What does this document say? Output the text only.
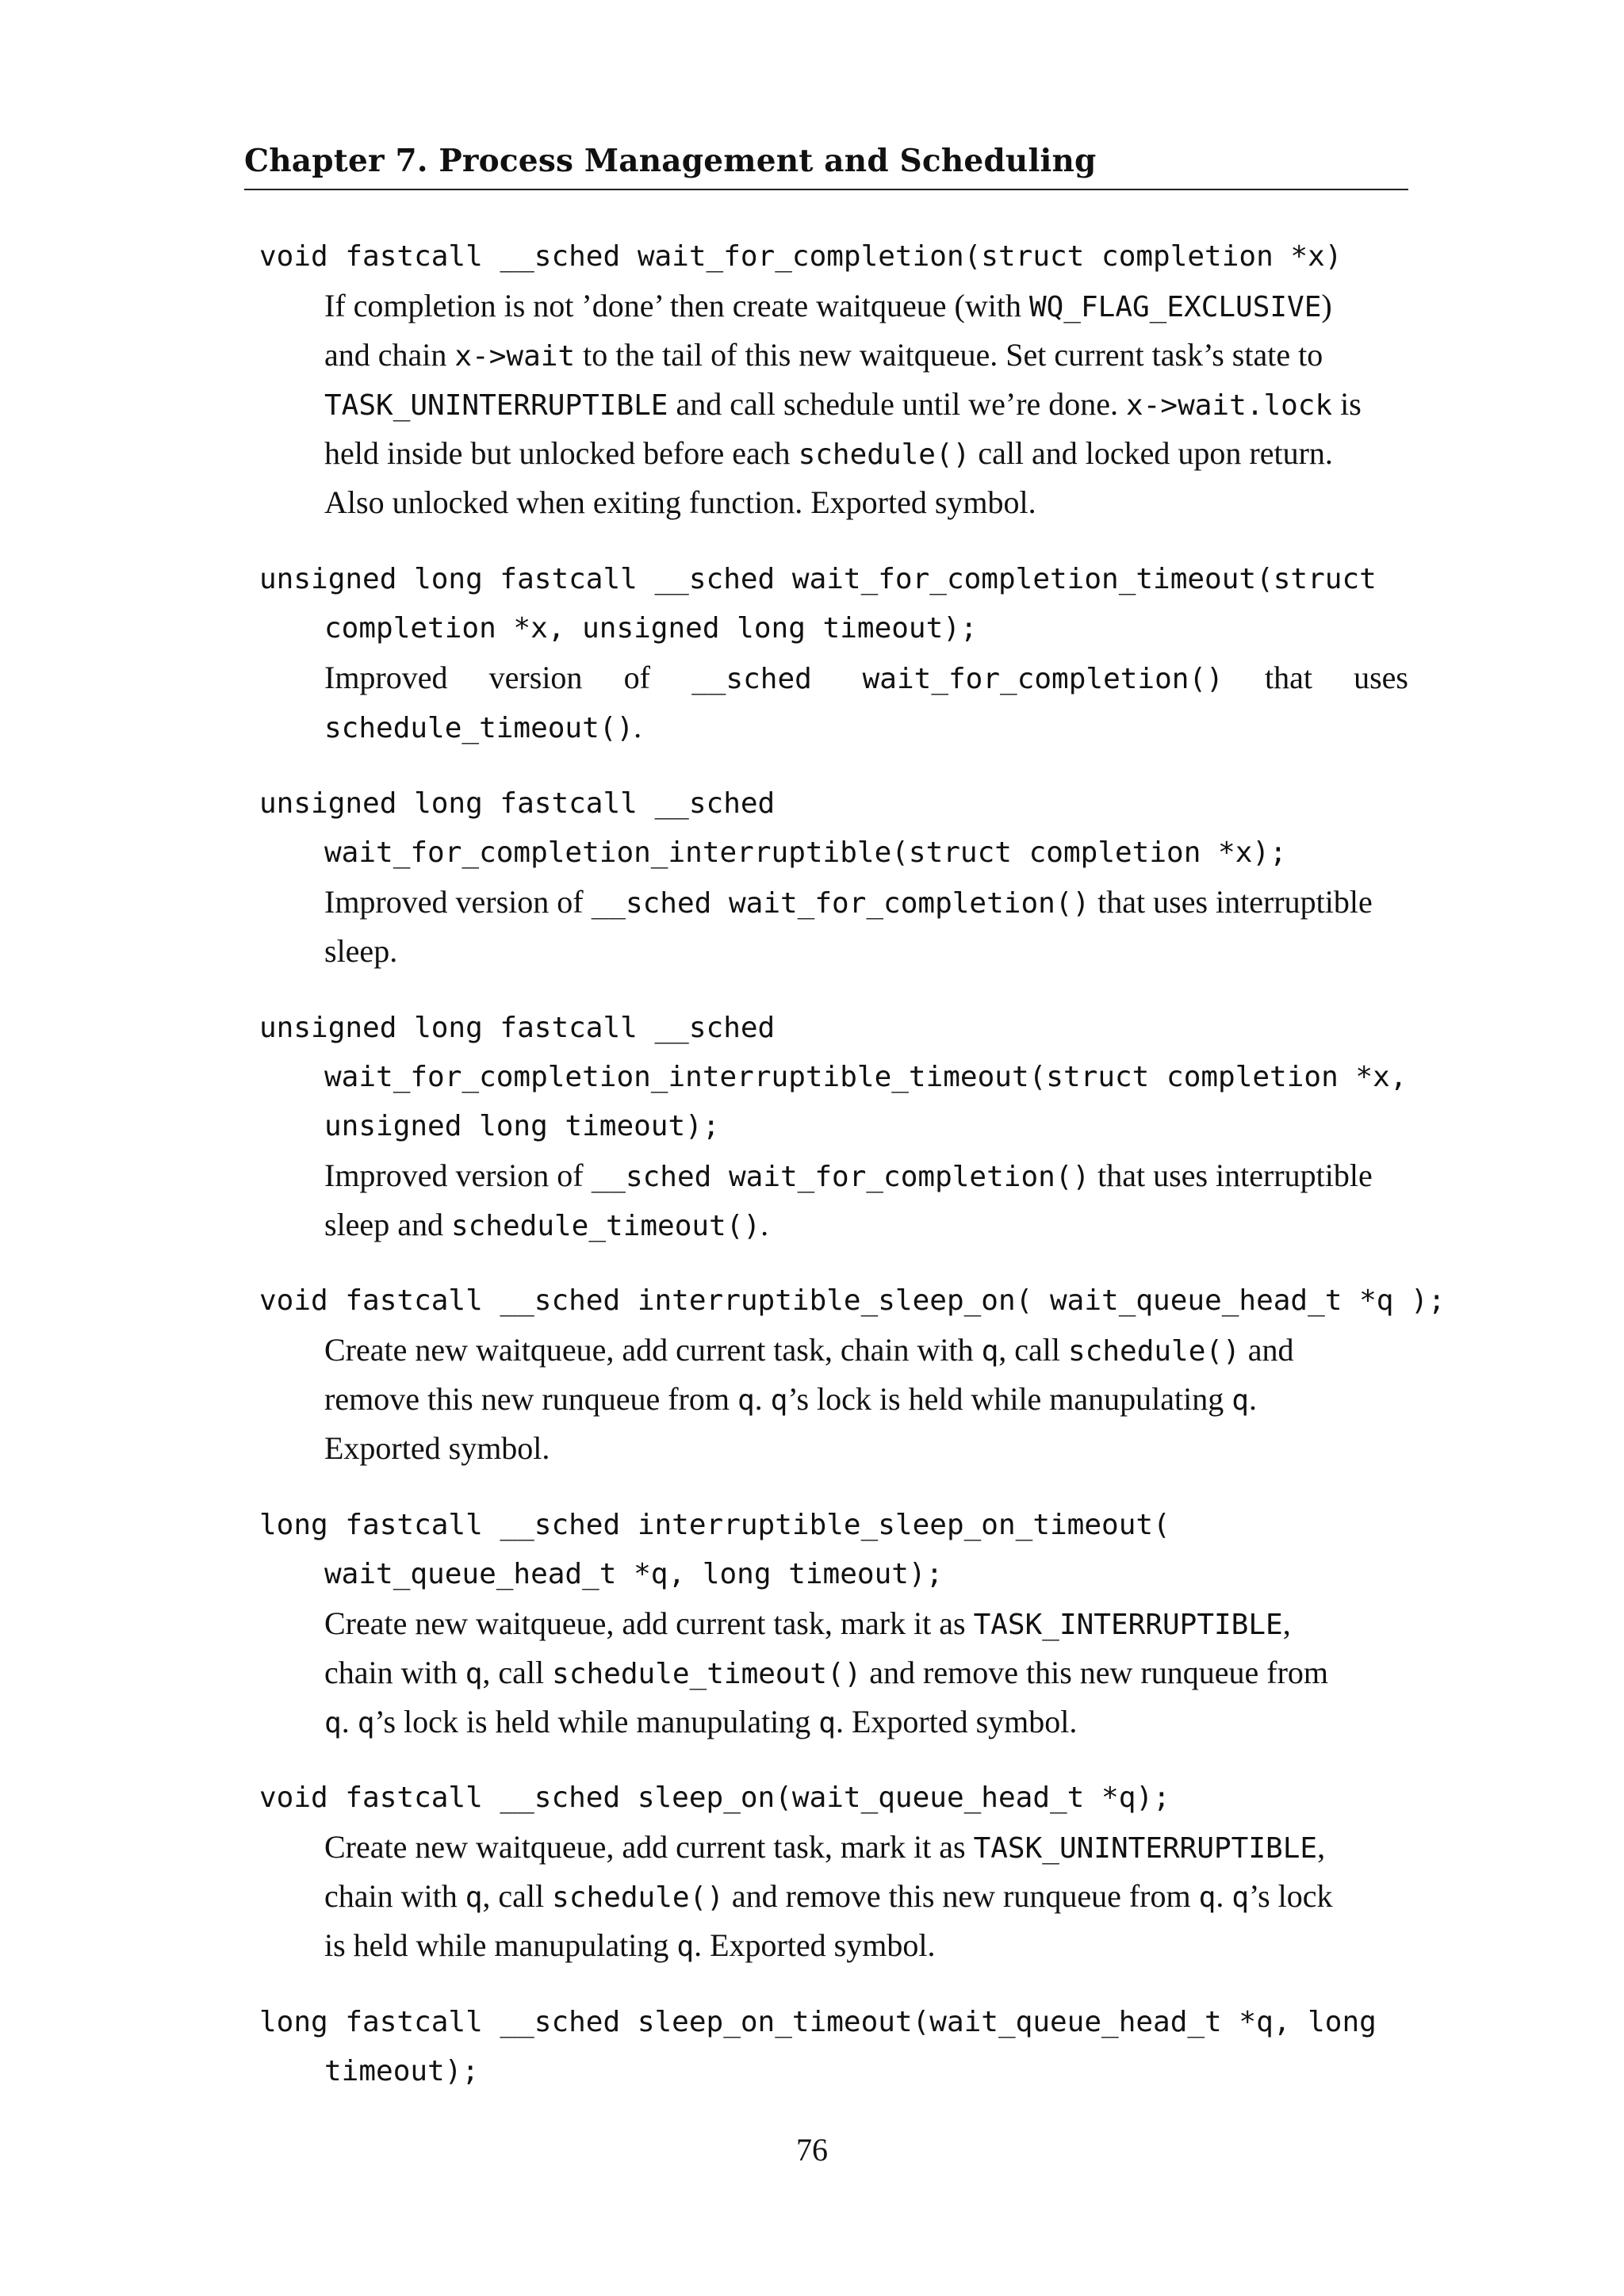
Chapter 7. Process Management and Scheduling
void fastcall __sched wait_for_completion(struct completion *x)
If completion is not ’done’ then create waitqueue (with WQ_FLAG_EXCLUSIVE)
and chain x->wait to the tail of this new waitqueue. Set current task’s state to
TASK_UNINTERRUPTIBLE and call schedule until we’re done. x->wait.lock is
held inside but unlocked before each schedule() call and locked upon return.
Also unlocked when exiting function. Exported symbol.
unsigned long fastcall __sched wait_for_completion_timeout(struct
completion *x, unsigned long timeout);
Improved version of __sched wait_for_completion() that uses
schedule_timeout().
unsigned long fastcall __sched
wait_for_completion_interruptible(struct completion *x);
Improved version of __sched wait_for_completion() that uses interruptible
sleep.
unsigned long fastcall __sched
wait_for_completion_interruptible_timeout(struct completion *x,
unsigned long timeout);
Improved version of __sched wait_for_completion() that uses interruptible
sleep and schedule_timeout().
void fastcall __sched interruptible_sleep_on( wait_queue_head_t *q );
Create new waitqueue, add current task, chain with q, call schedule() and
remove this new runqueue from q. q’s lock is held while manupulating q.
Exported symbol.
long fastcall __sched interruptible_sleep_on_timeout(
wait_queue_head_t *q, long timeout);
Create new waitqueue, add current task, mark it as TASK_INTERRUPTIBLE,
chain with q, call schedule_timeout() and remove this new runqueue from
q. q’s lock is held while manupulating q. Exported symbol.
void fastcall __sched sleep_on(wait_queue_head_t *q);
Create new waitqueue, add current task, mark it as TASK_UNINTERRUPTIBLE,
chain with q, call schedule() and remove this new runqueue from q. q’s lock
is held while manupulating q. Exported symbol.
long fastcall __sched sleep_on_timeout(wait_queue_head_t *q, long
timeout);
76
